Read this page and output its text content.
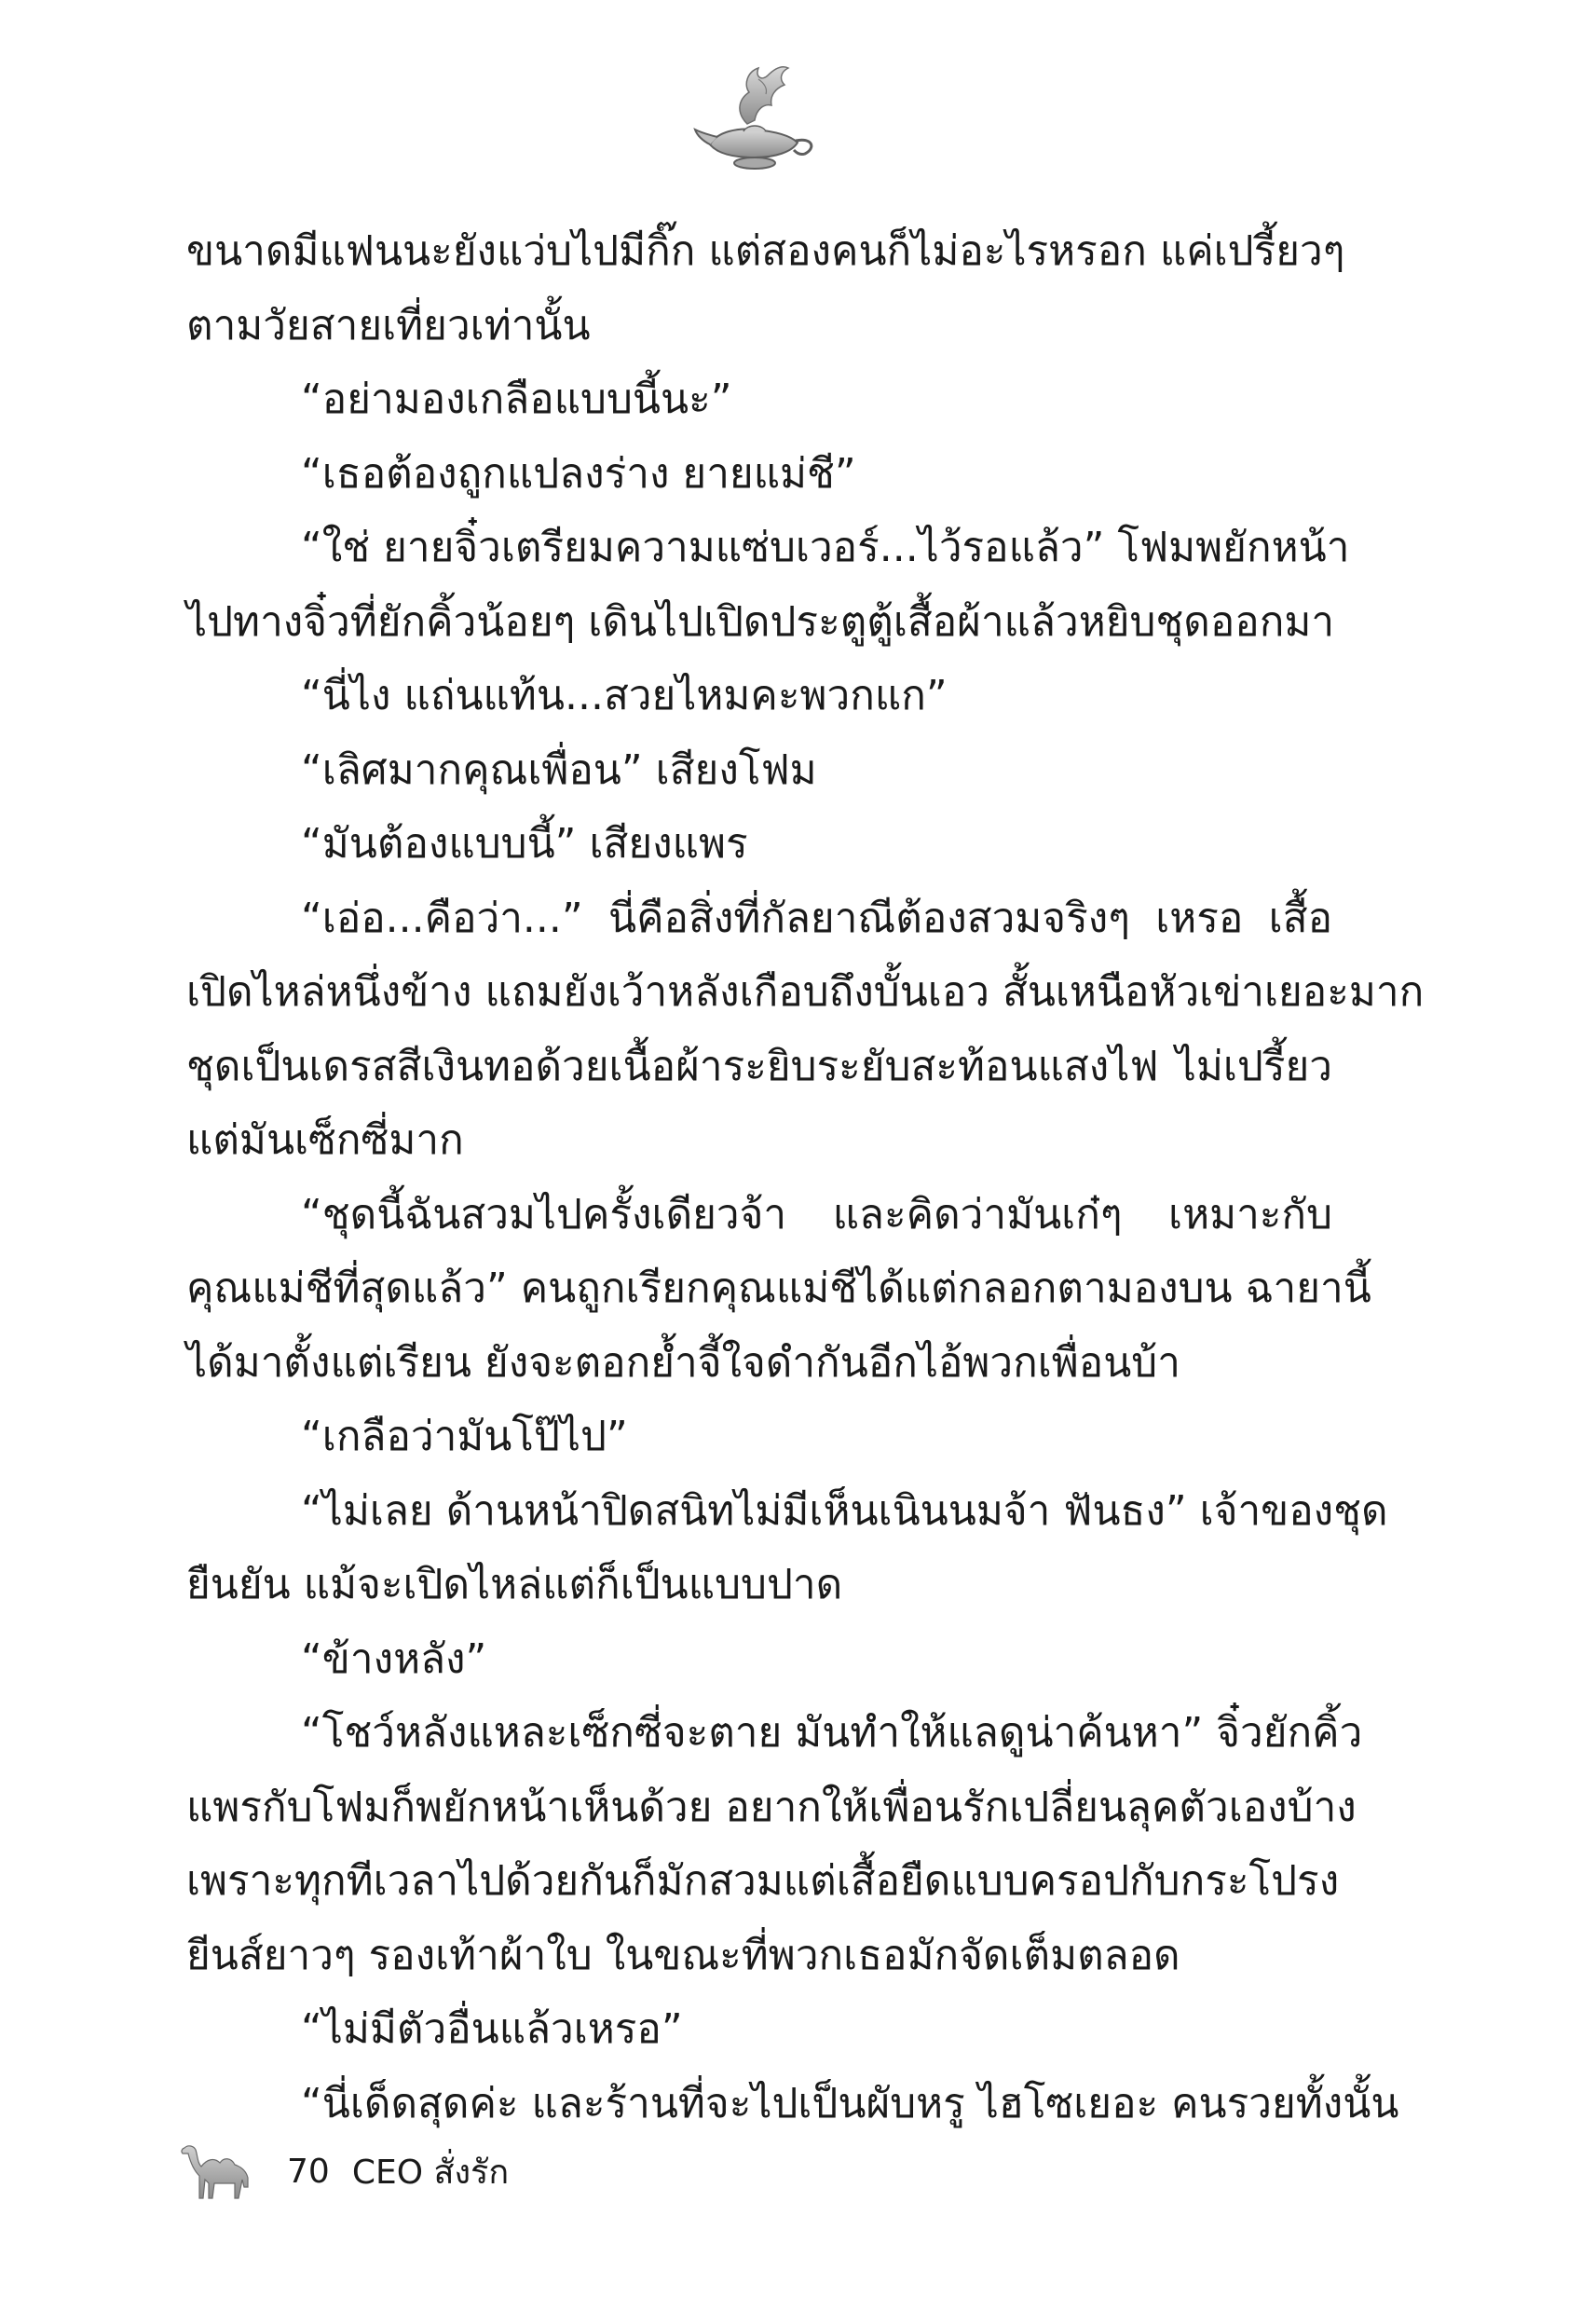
ขนาดมีแฟนนะยังแว่บไปมีกิ๊ก แต่สองคนก็ไม่อะไรหรอก แค่เปรี้ยวๆ
ตามวัยสายเที่ยวเท่านั้น
“อย่ามองเกลือแบบนี้นะ”
“เธอต้องถูกแปลงร่าง ยายแม่ชี”
“ใช่ ยายจิ๋วเตรียมความแซ่บเวอร์...ไว้รอแล้ว” โฟมพยักหน้า
ไปทางจิ๋วที่ยักคิ้วน้อยๆ เดินไปเปิดประตูตู้เสื้อผ้าแล้วหยิบชุดออกมา
“นี่ไง แถ่นแท้น...สวยไหมคะพวกแก”
“เลิศมากคุณเพื่อน” เสียงโฟม
“มันต้องแบบนี้” เสียงแพร
“เอ่อ...คือว่า...” นี่คือสิ่งที่กัลยาณีต้องสวมจริงๆ เหรอ เสื้อ
เปิดไหล่หนึ่งข้าง แถมยังเว้าหลังเกือบถึงบั้นเอว สั้นเหนือหัวเข่าเยอะมาก
ชุดเป็นเดรสสีเงินทอด้วยเนื้อผ้าระยิบระยับสะท้อนแสงไฟ ไม่เปรี้ยว
แต่มันเซ็กซี่มาก
“ชุดนี้ฉันสวมไปครั้งเดียวจ้า และคิดว่ามันเก๋ๆ เหมาะกับ
คุณแม่ชีที่สุดแล้ว” คนถูกเรียกคุณแม่ชีได้แต่กลอกตามองบน ฉายานี้
ได้มาตั้งแต่เรียน ยังจะตอกย้ำจี้ใจดำกันอีกไอ้พวกเพื่อนบ้า
“เกลือว่ามันโป๊ไป”
“ไม่เลย ด้านหน้าปิดสนิทไม่มีเห็นเนินนมจ้า ฟันธง” เจ้าของชุด
ยืนยัน แม้จะเปิดไหล่แต่ก็เป็นแบบปาด
“ข้างหลัง”
“โชว์หลังแหละเซ็กซี่จะตาย มันทำให้แลดูน่าค้นหา” จิ๋วยักคิ้ว
แพรกับโฟมก็พยักหน้าเห็นด้วย อยากให้เพื่อนรักเปลี่ยนลุคตัวเองบ้าง
เพราะทุกทีเวลาไปด้วยกันก็มักสวมแต่เสื้อยืดแบบครอปกับกระโปรง
ยีนส์ยาวๆ รองเท้าผ้าใบ ในขณะที่พวกเธอมักจัดเต็มตลอด
“ไม่มีตัวอื่นแล้วเหรอ”
“นี่เด็ดสุดค่ะ และร้านที่จะไปเป็นผับหรู ไฮโซเยอะ คนรวยทั้งนั้น
70 CEO สั่งรัก
